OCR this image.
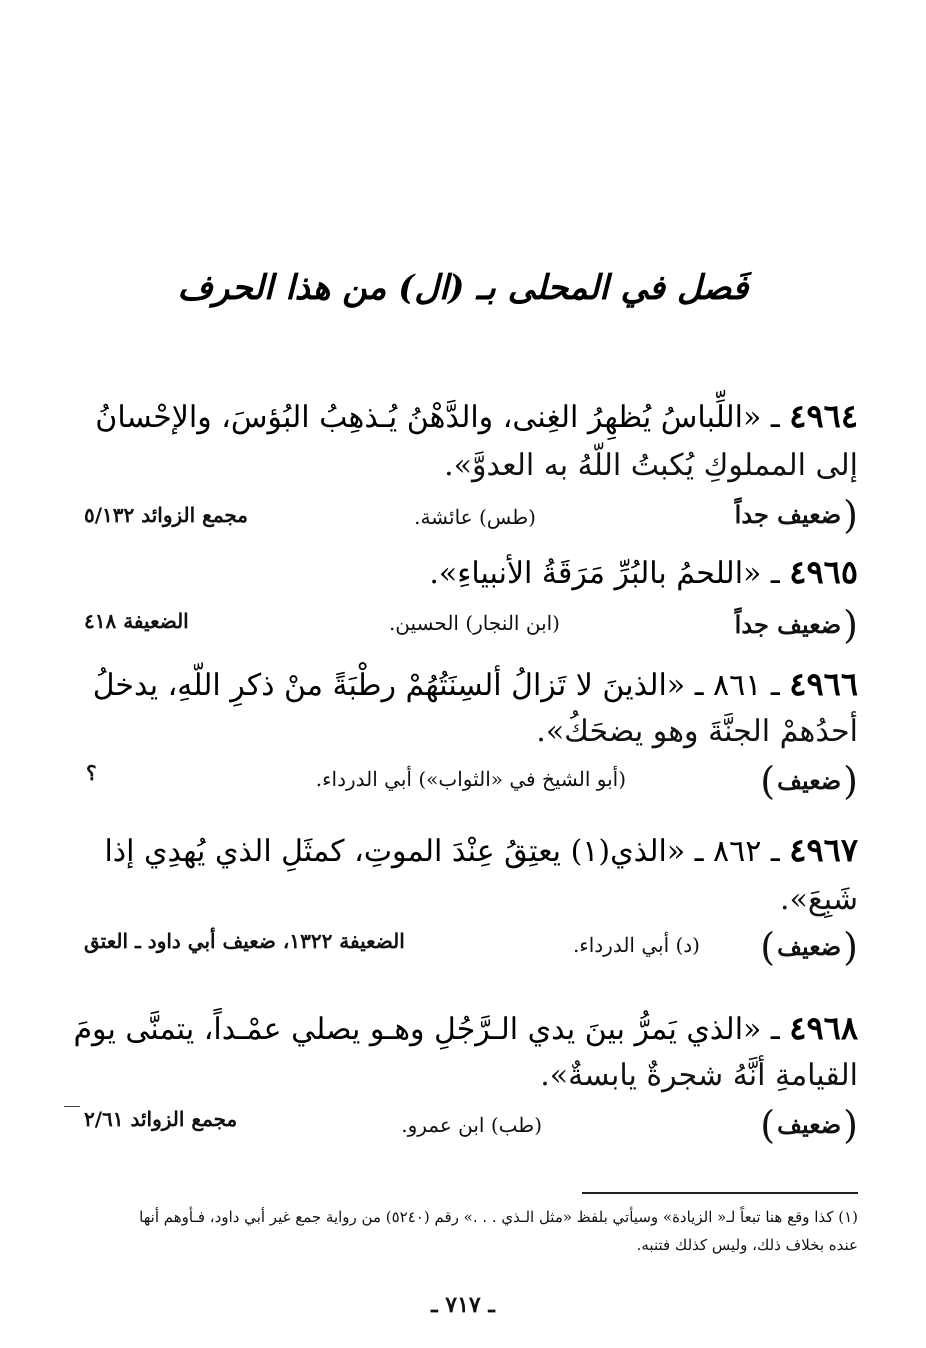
فَصل في المحلى بـ (ال) من هذا الحرف
٤٩٦٤ ـ «اللِّباسُ يُظهِرُ الغِنى، والدَّهْنُ يُـذهِبُ البُؤسَ، والإحْسانُ
إلى المملوكِ يُكبتُ اللّهُ به العدوَّ».
(
ضعيف جداً
(طس) عائشة.
مجمع الزوائد ٥/١٣٢
٤٩٦٥ ـ «اللحمُ بالبُرِّ مَرَقَةُ الأنبياءِ».
(
ضعيف جداً
(ابن النجار) الحسين.
الضعيفة ٤١٨
٤٩٦٦ ـ ٨٦١ ـ «الذينَ لا تَزالُ ألسِنَتُهُمْ رطْبَةً منْ ذكرِ اللّهِ، يدخلُ
أحدُهمْ الجنَّةَ وهو يضحَكُ».
(
ضعيف
)
(أبو الشيخ في «الثواب») أبي الدرداء.
؟
٤٩٦٧ ـ ٨٦٢ ـ «الذي(١) يعتِقُ عِنْدَ الموتِ، كمثَلِ الذي يُهدِي إذا
شَبِعَ».
(
ضعيف
)
(د) أبي الدرداء.
الضعيفة ١٣٢٢، ضعيف أبي داود ـ العتق
٤٩٦٨ ـ «الذي يَمرُّ بينَ يدي الـرَّجُلِ وهـو يصلي عمْـداً، يتمنَّى يومَ
القيامةِ أنَّهُ شجرةٌ يابسةٌ».
(
ضعيف
)
(طب) ابن عمرو.
مجمع الزوائد ٢/٦١
(١) كذا وقع هنا تبعاً لـ« الزيادة» وسيأتي بلفظ «مثل الـذي . . .» رقم (٥٢٤٠) من رواية جمع غير أبي داود، فـأوهم أنها
عنده بخلاف ذلك، وليس كذلك فتنبه.
ـ ٧١٧ ـ
